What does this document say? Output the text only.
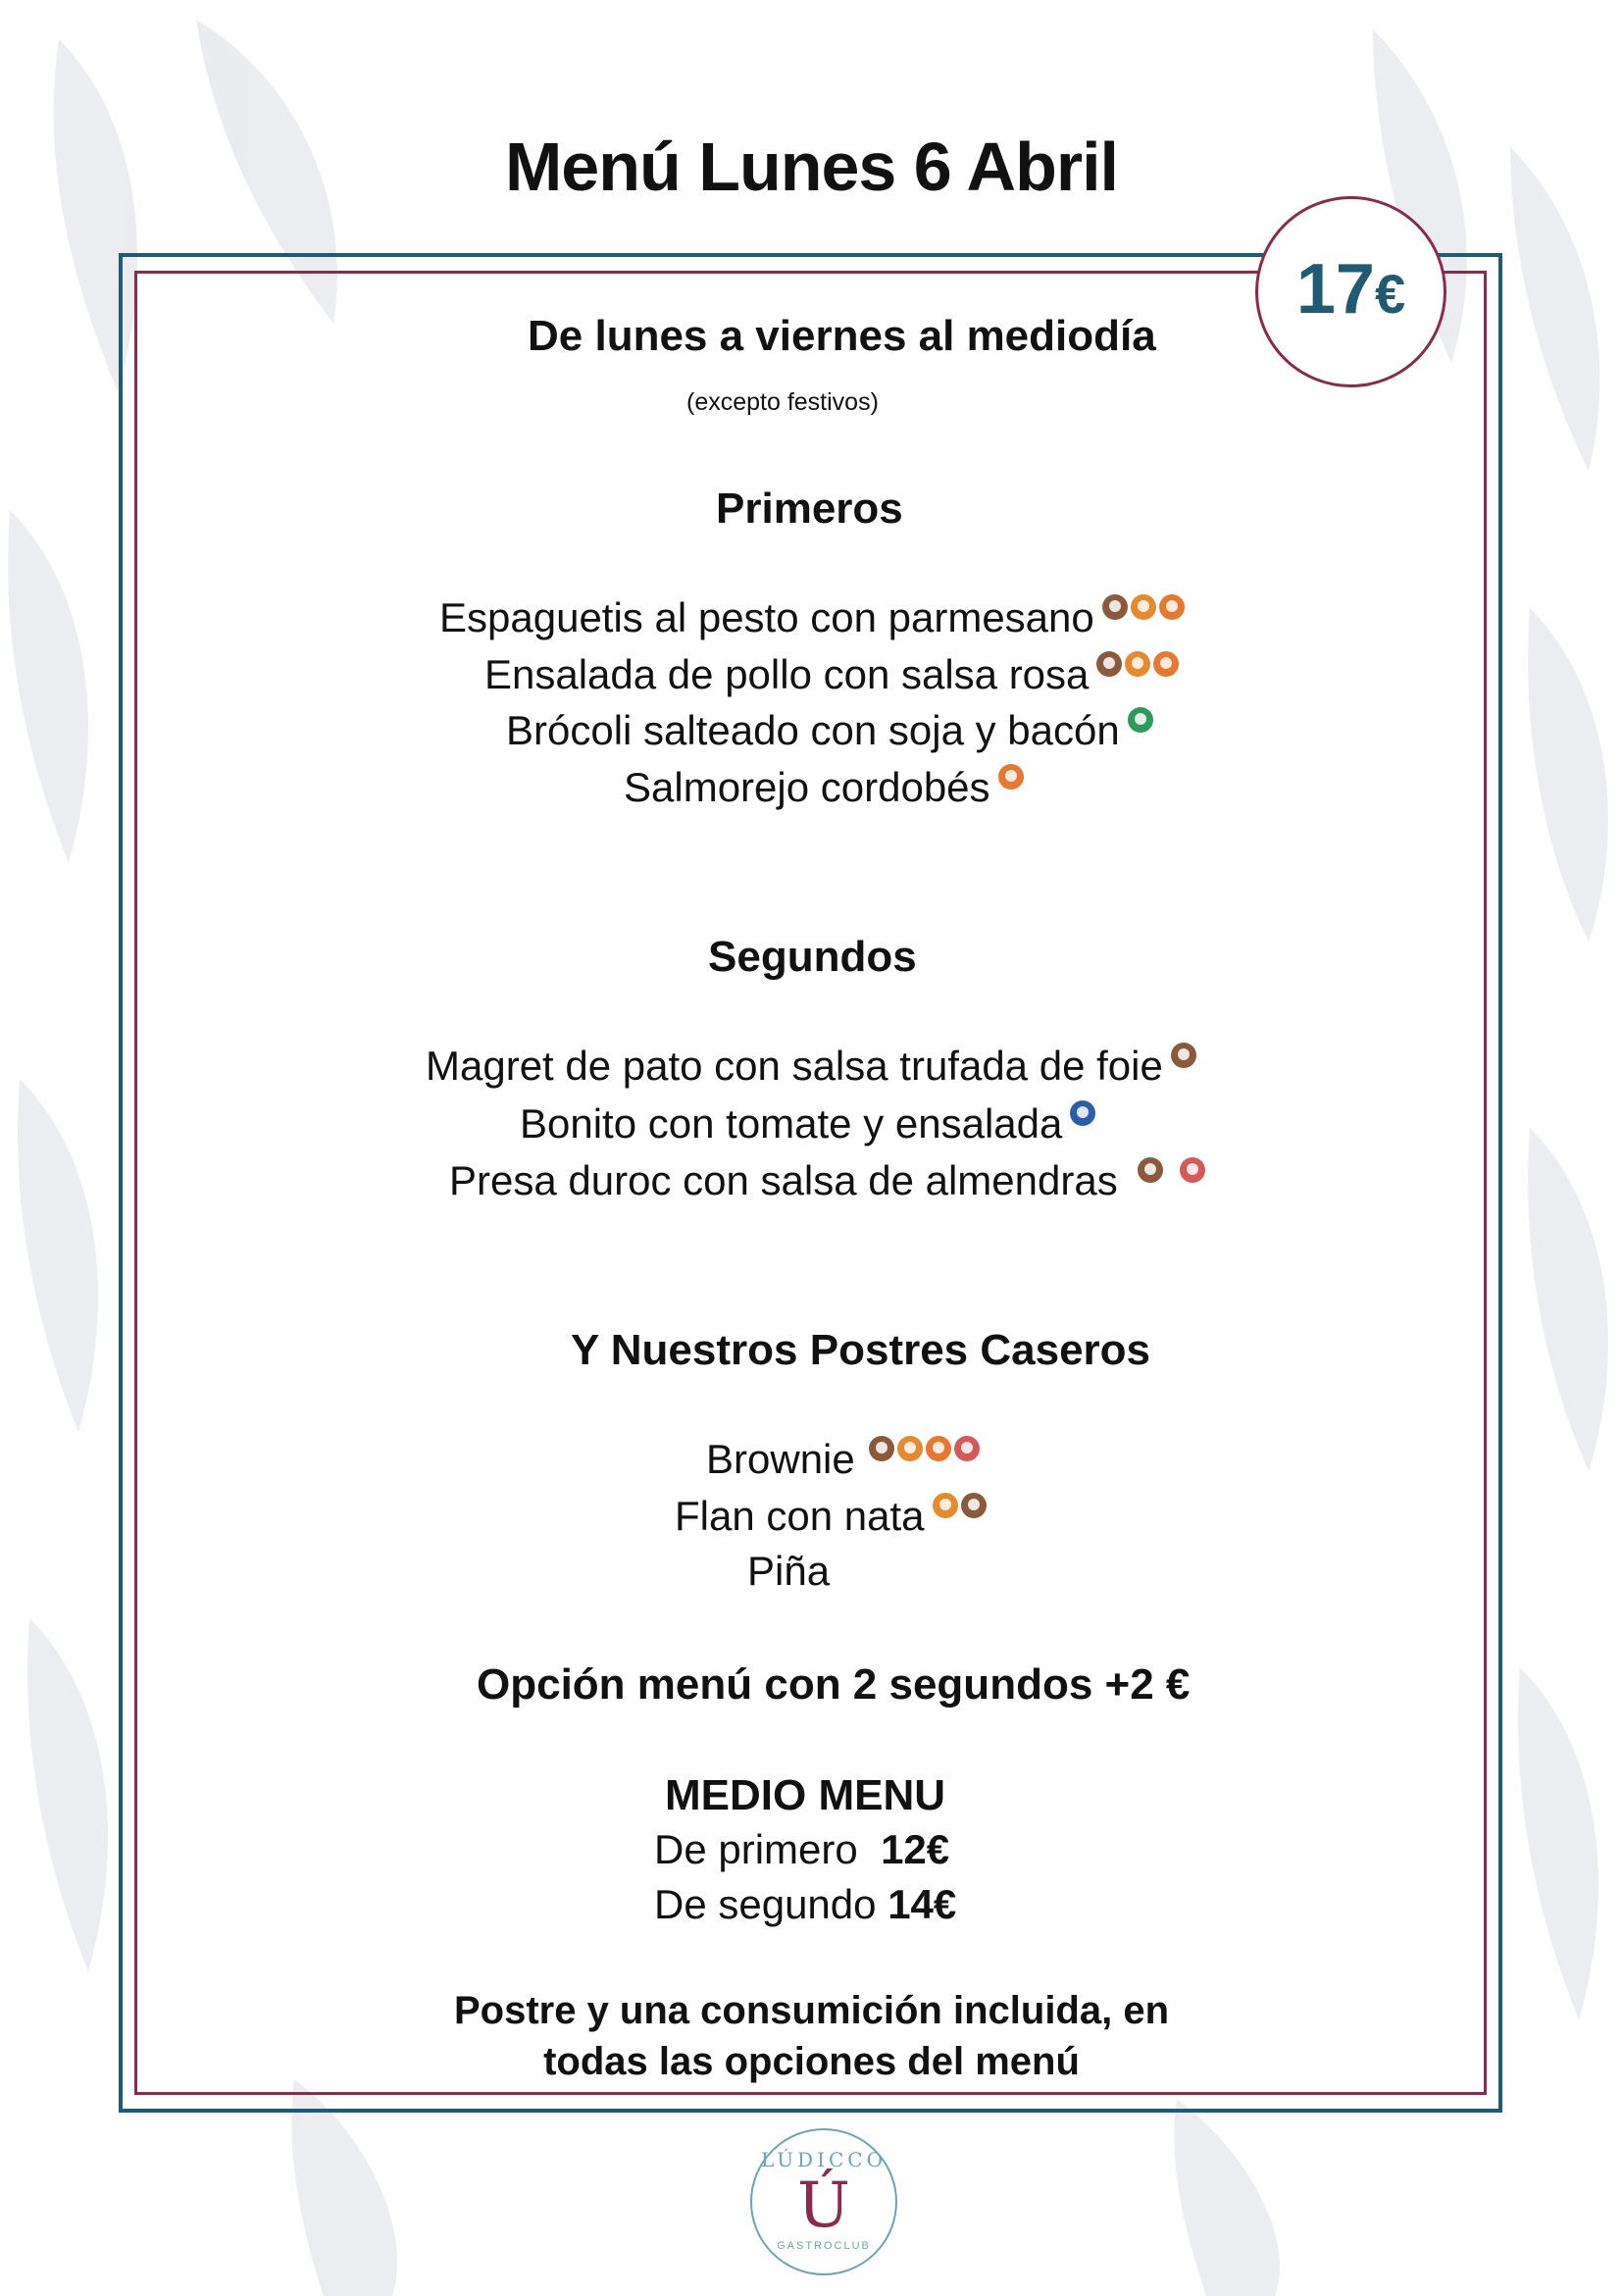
Menú Lunes 6 Abril
17€
De lunes a viernes al mediodía
(excepto festivos)
Primeros
Espaguetis al pesto con parmesano
Ensalada de pollo con salsa rosa
Brócoli salteado con soja y bacón
Salmorejo cordobés
Segundos
Magret de pato con salsa trufada de foie
Bonito con tomate y ensalada
Presa duroc con salsa de almendras
Y Nuestros Postres Caseros
Brownie
Flan con nata
Piña
Opción menú con 2 segundos +2 €
MEDIO MENU
De primero 12€
De segundo 14€
Postre y una consumición incluida, en
todas las opciones del menú
LÚDICCO
Ú
GASTROCLUB
